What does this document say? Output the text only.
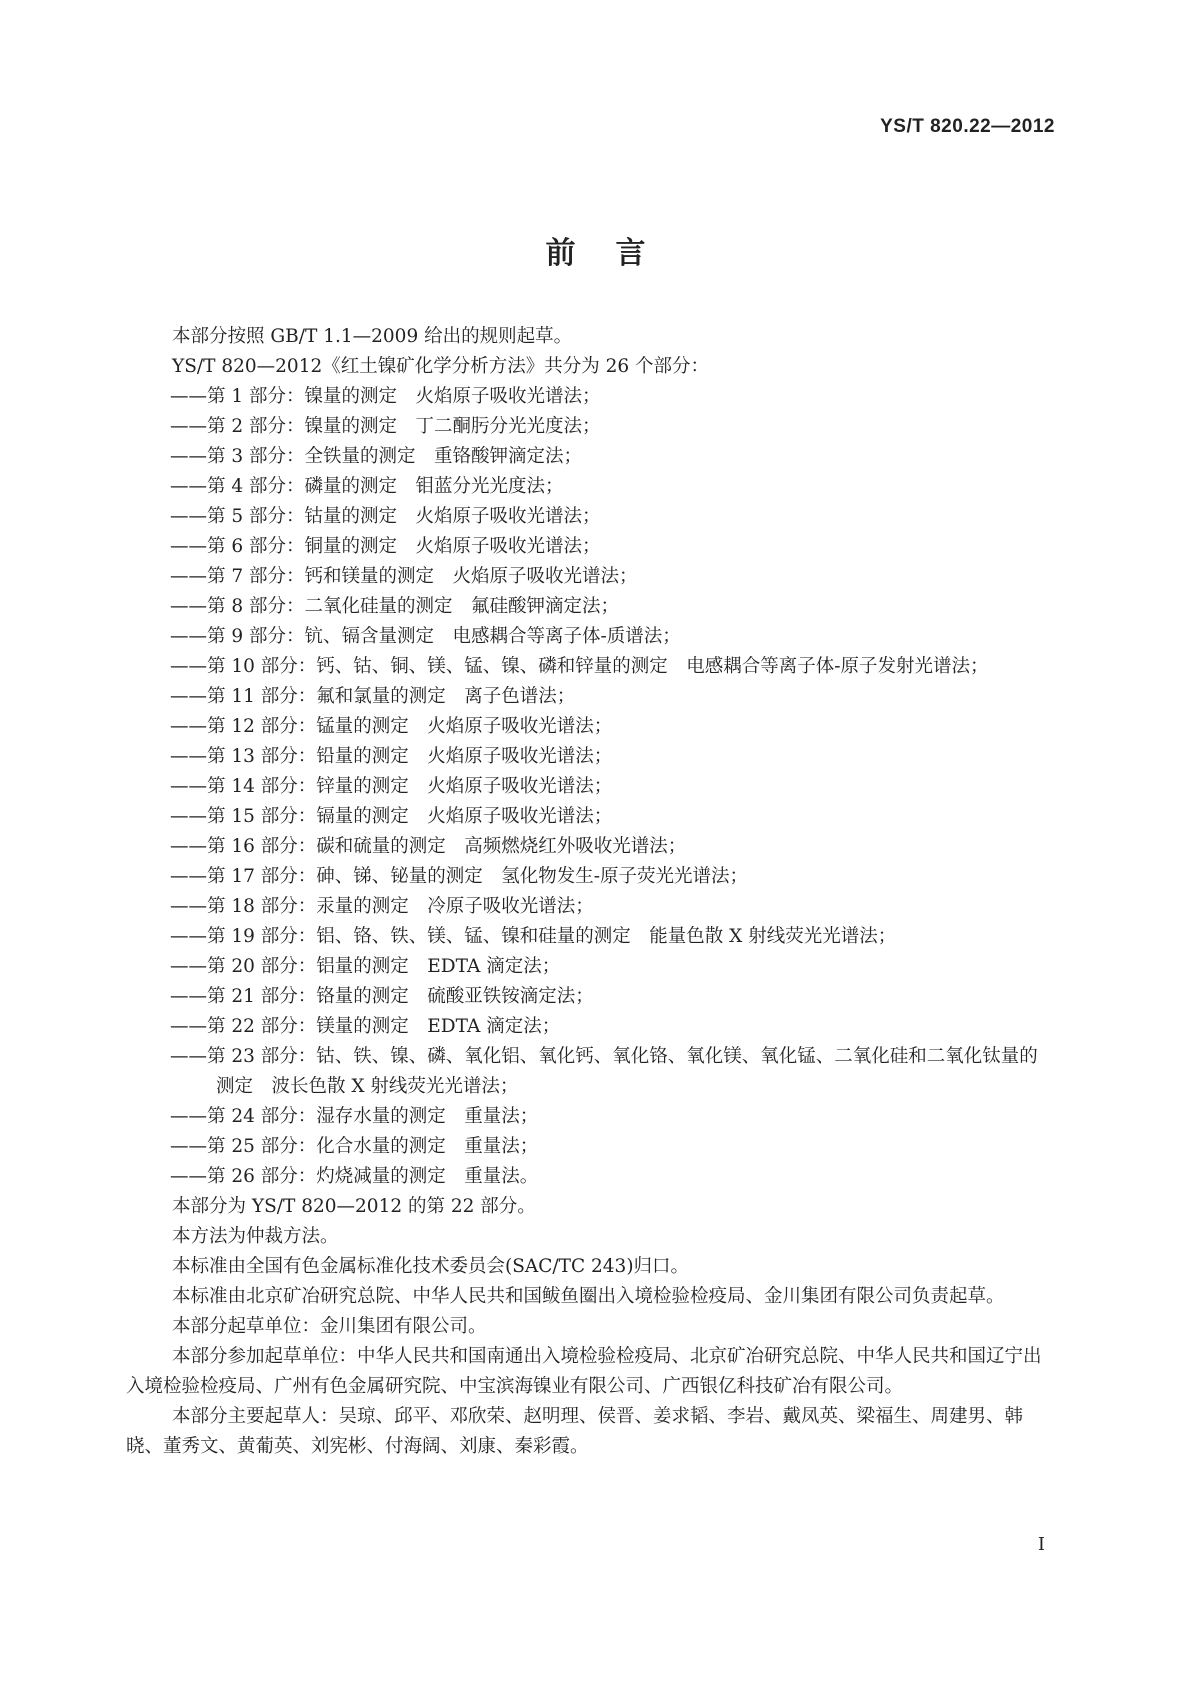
YS/T 820.22—2012
前言

本部分按照 GB/T 1.1—2009 给出的规则起草。

YS/T 820—2012《红土镍矿化学分析方法》共分为 26 个部分：

——第 1 部分：镍量的测定　火焰原子吸收光谱法；

——第 2 部分：镍量的测定　丁二酮肟分光光度法；

——第 3 部分：全铁量的测定　重铬酸钾滴定法；

——第 4 部分：磷量的测定　钼蓝分光光度法；

——第 5 部分：钴量的测定　火焰原子吸收光谱法；

——第 6 部分：铜量的测定　火焰原子吸收光谱法；

——第 7 部分：钙和镁量的测定　火焰原子吸收光谱法；

——第 8 部分：二氧化硅量的测定　氟硅酸钾滴定法；

——第 9 部分：钪、镉含量测定　电感耦合等离子体-质谱法；

——第 10 部分：钙、钴、铜、镁、锰、镍、磷和锌量的测定　电感耦合等离子体-原子发射光谱法；

——第 11 部分：氟和氯量的测定　离子色谱法；

——第 12 部分：锰量的测定　火焰原子吸收光谱法；

——第 13 部分：铅量的测定　火焰原子吸收光谱法；

——第 14 部分：锌量的测定　火焰原子吸收光谱法；

——第 15 部分：镉量的测定　火焰原子吸收光谱法；

——第 16 部分：碳和硫量的测定　高频燃烧红外吸收光谱法；

——第 17 部分：砷、锑、铋量的测定　氢化物发生-原子荧光光谱法；

——第 18 部分：汞量的测定　冷原子吸收光谱法；

——第 19 部分：铝、铬、铁、镁、锰、镍和硅量的测定　能量色散 X 射线荧光光谱法；

——第 20 部分：铝量的测定　EDTA 滴定法；

——第 21 部分：铬量的测定　硫酸亚铁铵滴定法；

——第 22 部分：镁量的测定　EDTA 滴定法；

——第 23 部分：钴、铁、镍、磷、氧化铝、氧化钙、氧化铬、氧化镁、氧化锰、二氧化硅和二氧化钛量的测定　波长色散 X 射线荧光光谱法；

——第 24 部分：湿存水量的测定　重量法；

——第 25 部分：化合水量的测定　重量法；

——第 26 部分：灼烧减量的测定　重量法。

本部分为 YS/T 820—2012 的第 22 部分。

本方法为仲裁方法。

本标准由全国有色金属标准化技术委员会(SAC/TC 243)归口。

本标准由北京矿冶研究总院、中华人民共和国鲅鱼圈出入境检验检疫局、金川集团有限公司负责起草。

本部分起草单位：金川集团有限公司。

本部分参加起草单位：中华人民共和国南通出入境检验检疫局、北京矿冶研究总院、中华人民共和国辽宁出入境检验检疫局、广州有色金属研究院、中宝滨海镍业有限公司、广西银亿科技矿冶有限公司。

本部分主要起草人：吴琼、邱平、邓欣荣、赵明理、侯晋、姜求韬、李岩、戴凤英、梁福生、周建男、韩晓、董秀文、黄葡英、刘宪彬、付海阔、刘康、秦彩霞。

I
